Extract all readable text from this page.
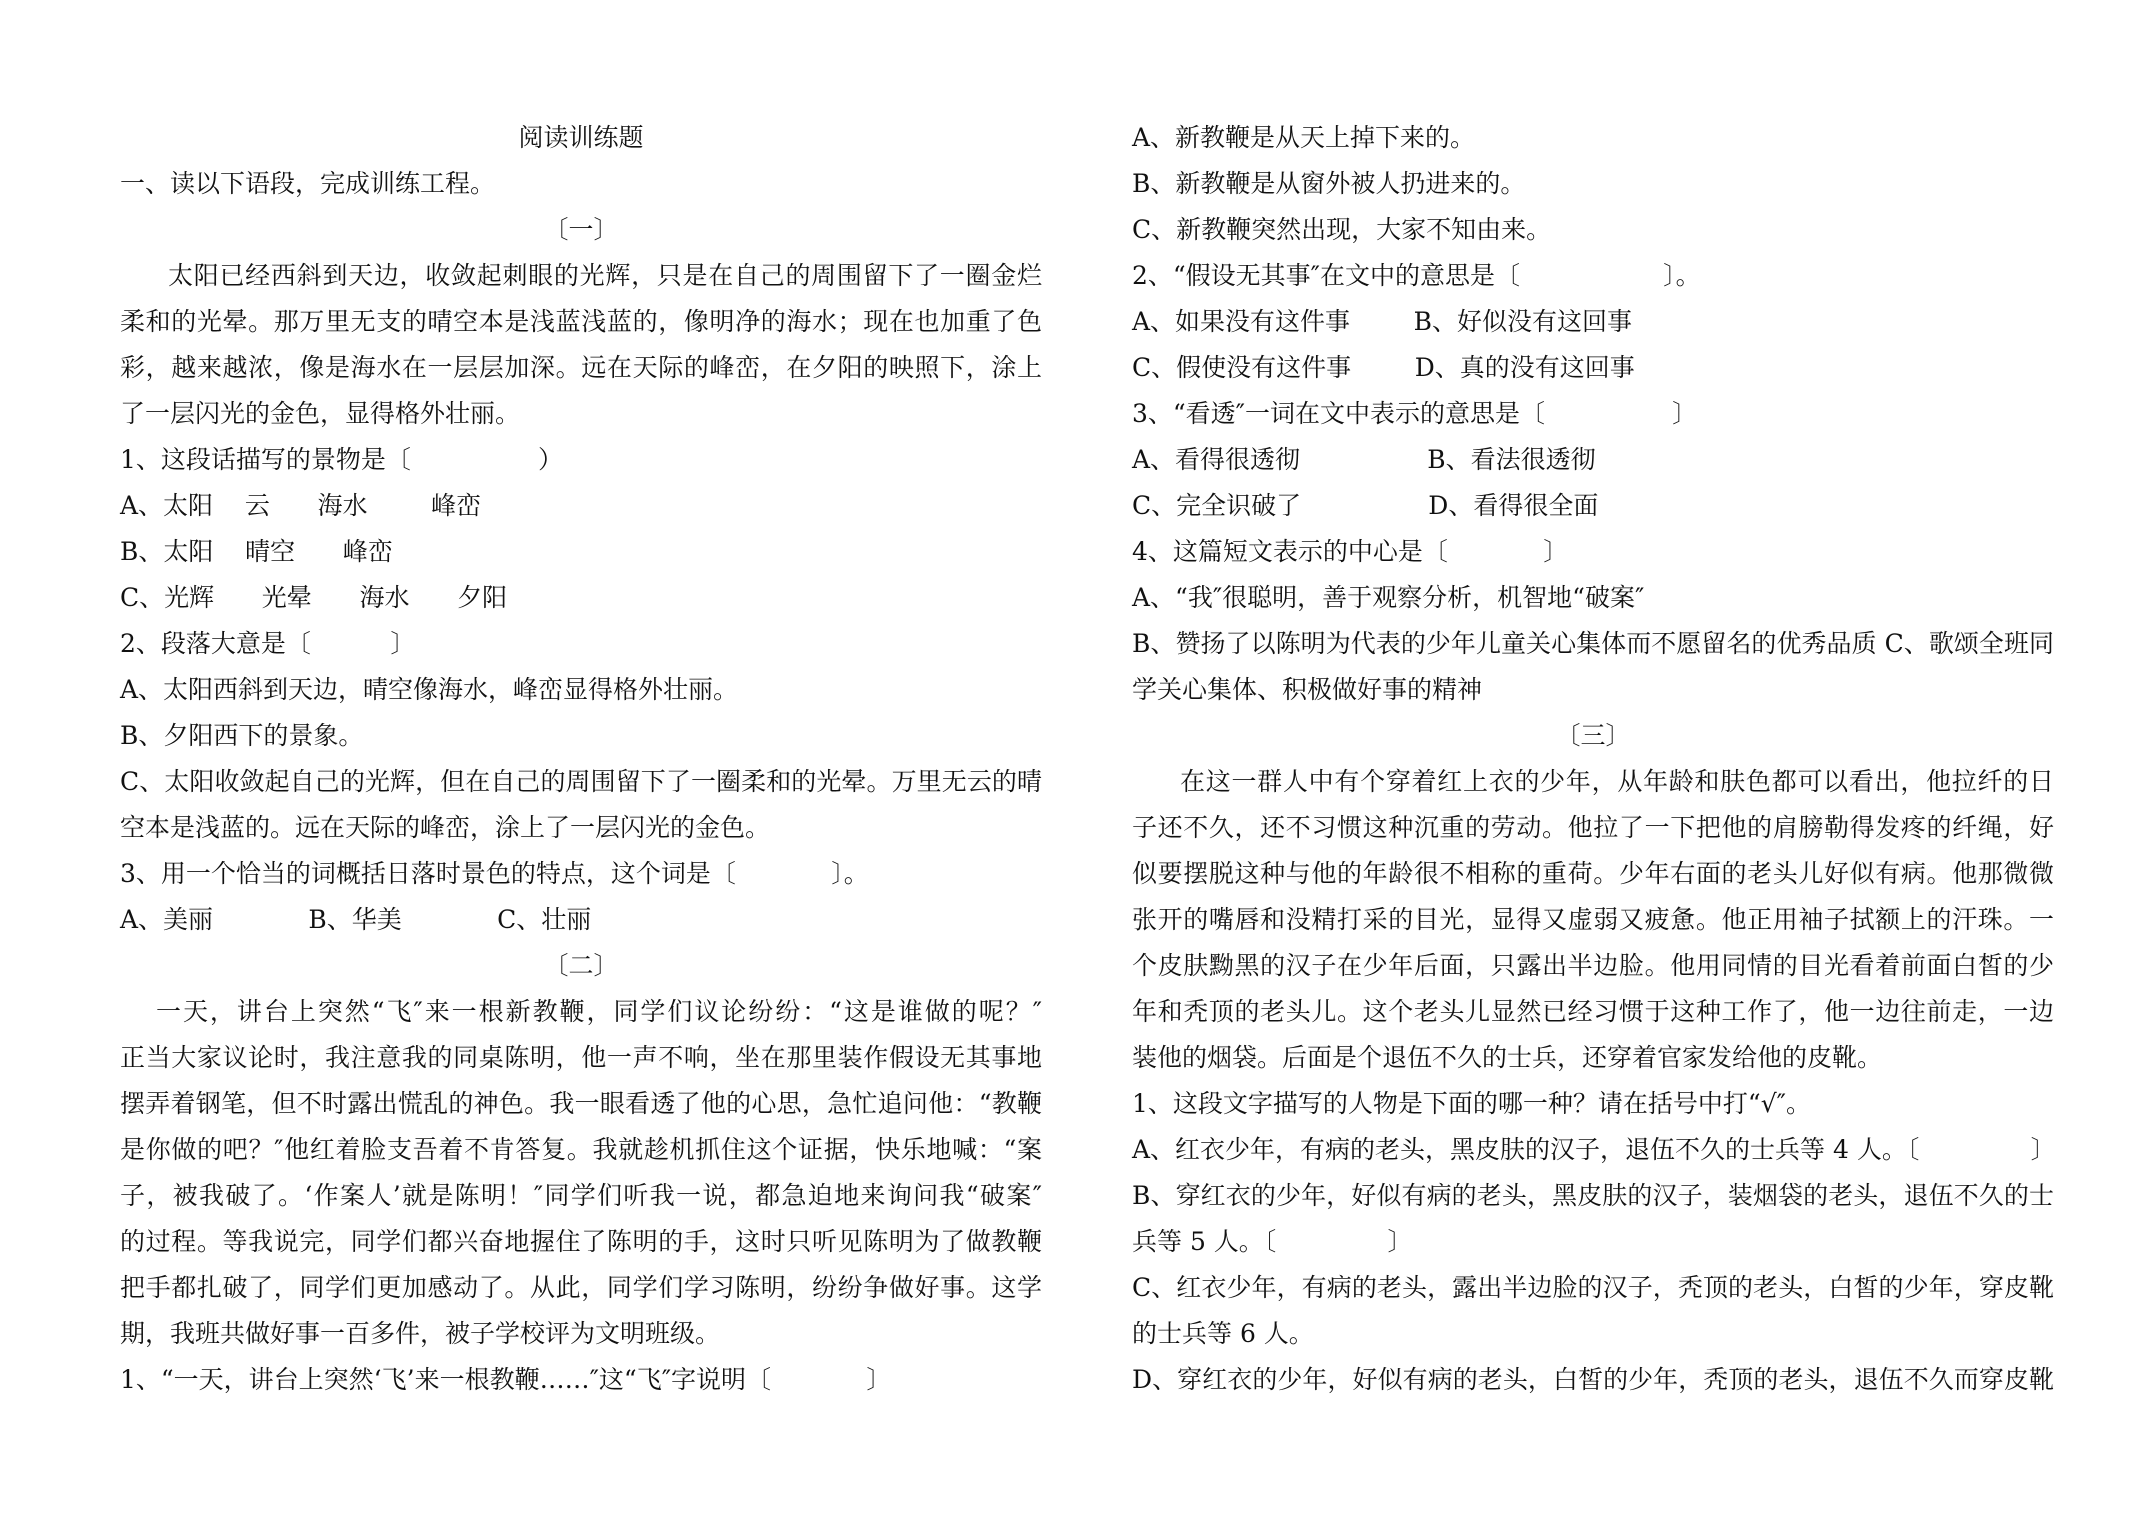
阅读训练题
一、读以下语段，完成训练工程。
〔一〕
太阳已经西斜到天边，收敛起刺眼的光辉，只是在自己的周围留下了一圈金烂
柔和的光晕。那万里无支的晴空本是浅蓝浅蓝的，像明净的海水；现在也加重了色
彩，越来越浓，像是海水在一层层加深。远在天际的峰峦，在夕阳的映照下，涂上
了一层闪光的金色，显得格外壮丽。
1、这段话描写的景物是〔                ）
A、太阳    云      海水        峰峦
B、太阳    晴空      峰峦
C、光辉      光晕      海水      夕阳
2、段落大意是〔          〕
A、太阳西斜到天边，晴空像海水，峰峦显得格外壮丽。
B、夕阳西下的景象。
C、太阳收敛起自己的光辉，但在自己的周围留下了一圈柔和的光晕。万里无云的晴
空本是浅蓝的。远在天际的峰峦，涂上了一层闪光的金色。
3、用一个恰当的词概括日落时景色的特点，这个词是〔            〕。
A、美丽            B、华美            C、壮丽
〔二〕
一天，讲台上突然“飞″来一根新教鞭，同学们议论纷纷：“这是谁做的呢？″
正当大家议论时，我注意我的同桌陈明，他一声不响，坐在那里装作假设无其事地
摆弄着钢笔，但不时露出慌乱的神色。我一眼看透了他的心思，急忙追问他：“教鞭
是你做的吧？″他红着脸支吾着不肯答复。我就趁机抓住这个证据，快乐地喊：“案
子，被我破了。‘作案人’就是陈明！″同学们听我一说，都急迫地来询问我“破案″
的过程。等我说完，同学们都兴奋地握住了陈明的手，这时只听见陈明为了做教鞭
把手都扎破了，同学们更加感动了。从此，同学们学习陈明，纷纷争做好事。这学
期，我班共做好事一百多件，被子学校评为文明班级。
1、“一天，讲台上突然‘飞’来一根教鞭……″这“飞″字说明〔            〕
A、新教鞭是从天上掉下来的。
B、新教鞭是从窗外被人扔进来的。
C、新教鞭突然出现，大家不知由来。
2、“假设无其事″在文中的意思是〔                  〕。
A、如果没有这件事        B、好似没有这回事
C、假使没有这件事        D、真的没有这回事
3、“看透″一词在文中表示的意思是〔                〕
A、看得很透彻                B、看法很透彻
C、完全识破了                D、看得很全面
4、这篇短文表示的中心是〔            〕
A、“我″很聪明，善于观察分析，机智地“破案″
B、赞扬了以陈明为代表的少年儿童关心集体而不愿留名的优秀品质 C、歌颂全班同
学关心集体、积极做好事的精神
〔三〕
在这一群人中有个穿着红上衣的少年，从年龄和肤色都可以看出，他拉纤的日
子还不久，还不习惯这种沉重的劳动。他拉了一下把他的肩膀勒得发疼的纤绳，好
似要摆脱这种与他的年龄很不相称的重荷。少年右面的老头儿好似有病。他那微微
张开的嘴唇和没精打采的目光，显得又虚弱又疲惫。他正用袖子拭额上的汗珠。一
个皮肤黝黑的汉子在少年后面，只露出半边脸。他用同情的目光看着前面白皙的少
年和秃顶的老头儿。这个老头儿显然已经习惯于这种工作了，他一边往前走，一边
装他的烟袋。后面是个退伍不久的士兵，还穿着官家发给他的皮靴。
1、这段文字描写的人物是下面的哪一种？请在括号中打“√″。
A、红衣少年，有病的老头，黑皮肤的汉子，退伍不久的士兵等 4 人。〔              〕
B、穿红衣的少年，好似有病的老头，黑皮肤的汉子，装烟袋的老头，退伍不久的士
兵等 5 人。〔              〕
C、红衣少年，有病的老头，露出半边脸的汉子，秃顶的老头，白皙的少年，穿皮靴
的士兵等 6 人。
D、穿红衣的少年，好似有病的老头，白皙的少年，秃顶的老头，退伍不久而穿皮靴
